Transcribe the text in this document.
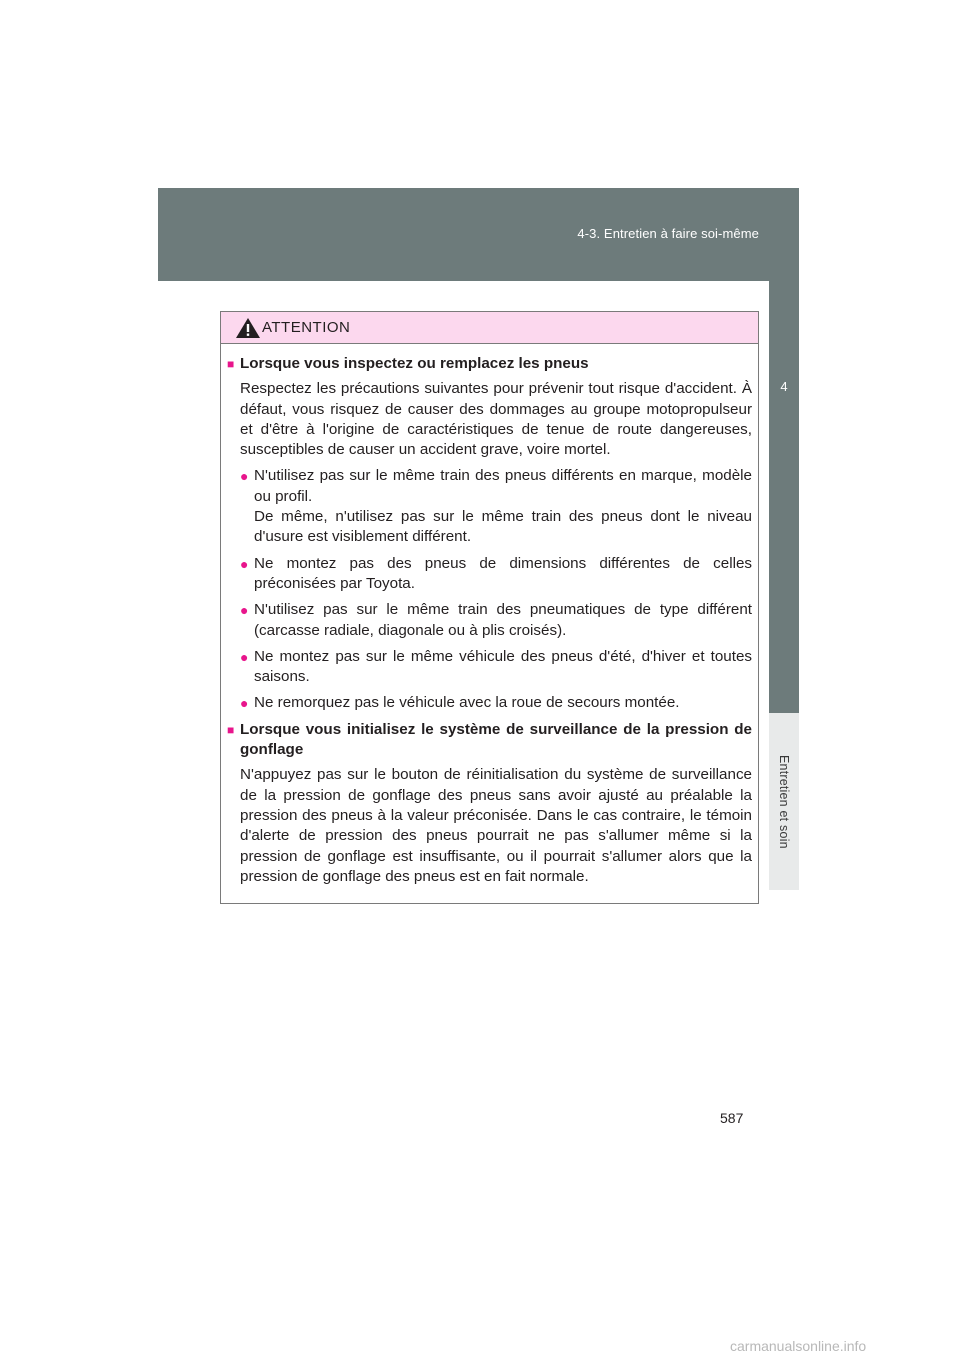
4-3. Entretien à faire soi-même
4
Entretien et soin
ATTENTION
■ Lorsque vous inspectez ou remplacez les pneus
Respectez les précautions suivantes pour prévenir tout risque d'accident. À défaut, vous risquez de causer des dommages au groupe motopropulseur et d'être à l'origine de caractéristiques de tenue de route dangereuses, susceptibles de causer un accident grave, voire mortel.
● N'utilisez pas sur le même train des pneus différents en marque, modèle ou profil.

De même, n'utilisez pas sur le même train des pneus dont le niveau d'usure est visiblement différent.

● Ne montez pas des pneus de dimensions différentes de celles préconisées par Toyota.

● N'utilisez pas sur le même train des pneumatiques de type différent (carcasse radiale, diagonale ou à plis croisés).

● Ne montez pas sur le même véhicule des pneus d'été, d'hiver et toutes saisons.

● Ne remorquez pas le véhicule avec la roue de secours montée.

■ Lorsque vous initialisez le système de surveillance de la pression de gonflage
N'appuyez pas sur le bouton de réinitialisation du système de surveillance de la pression de gonflage des pneus sans avoir ajusté au préalable la pression des pneus à la valeur préconisée. Dans le cas contraire, le témoin d'alerte de pression des pneus pourrait ne pas s'allumer même si la pression de gonflage est insuffisante, ou il pourrait s'allumer alors que la pression de gonflage des pneus est en fait normale.
587
carmanualsonline.info
